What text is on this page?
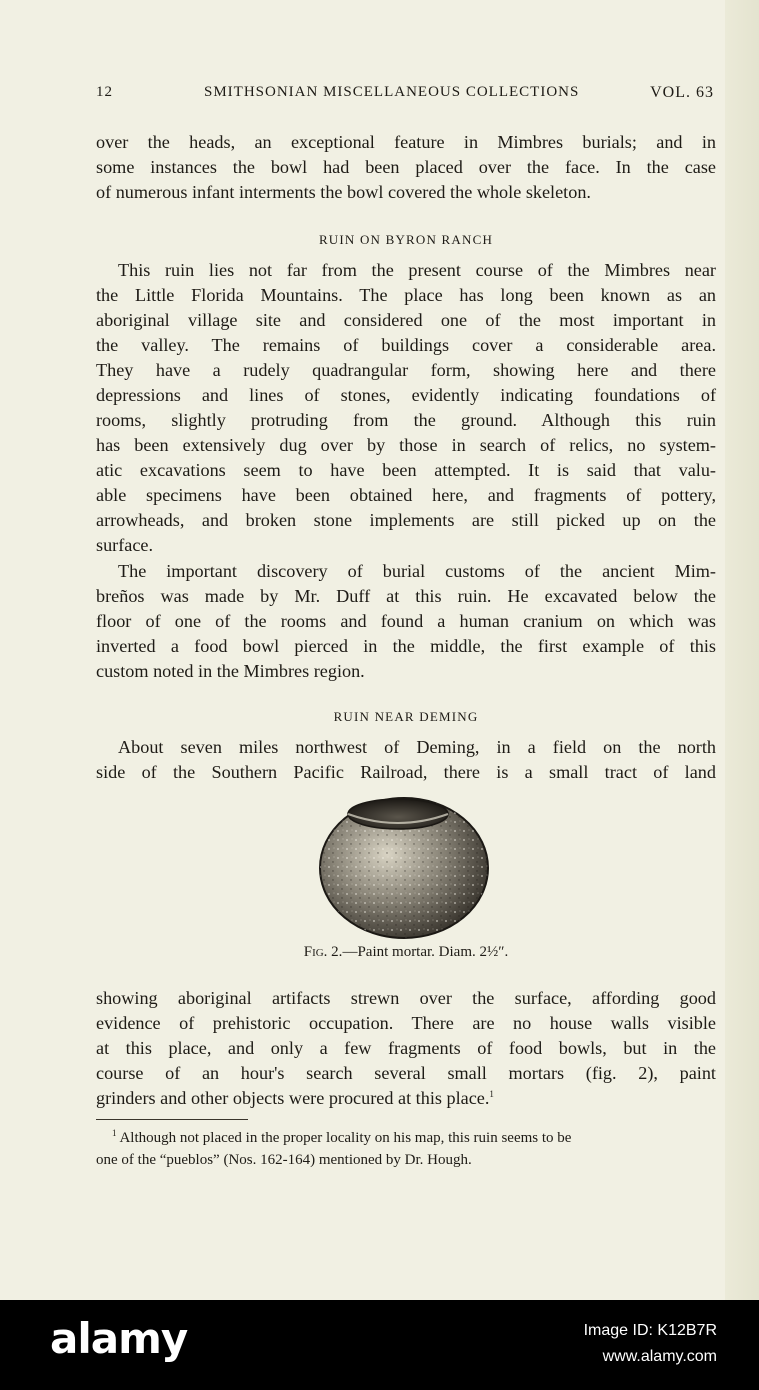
12	SMITHSONIAN MISCELLANEOUS COLLECTIONS	VOL. 63

over the heads, an exceptional feature in Mimbres burials; and in
some instances the bowl had been placed over the face. In the case
of numerous infant interments the bowl covered the whole skeleton.

RUIN ON BYRON RANCH

This ruin lies not far from the present course of the Mimbres near
the Little Florida Mountains. The place has long been known as an
aboriginal village site and considered one of the most important in
the valley. The remains of buildings cover a considerable area.
They have a rudely quadrangular form, showing here and there
depressions and lines of stones, evidently indicating foundations of
rooms, slightly protruding from the ground. Although this ruin
has been extensively dug over by those in search of relics, no system-
atic excavations seem to have been attempted. It is said that valu-
able specimens have been obtained here, and fragments of pottery,
arrowheads, and broken stone implements are still picked up on the
surface.

The important discovery of burial customs of the ancient Mim-
breños was made by Mr. Duff at this ruin. He excavated below the
floor of one of the rooms and found a human cranium on which was
inverted a food bowl pierced in the middle, the first example of this
custom noted in the Mimbres region.

RUIN NEAR DEMING

About seven miles northwest of Deming, in a field on the north
side of the Southern Pacific Railroad, there is a small tract of land

Fig. 2.—Paint mortar. Diam. 2½″.

showing aboriginal artifacts strewn over the surface, affording good
evidence of prehistoric occupation. There are no house walls visible
at this place, and only a few fragments of food bowls, but in the
course of an hour's search several small mortars (fig. 2), paint
grinders and other objects were procured at this place.$^1$

$^1$ Although not placed in the proper locality on his map, this ruin seems to be
one of the “pueblos” (Nos. 162-164) mentioned by Dr. Hough.
alamy	Image ID: K12B7R
www.alamy.com
